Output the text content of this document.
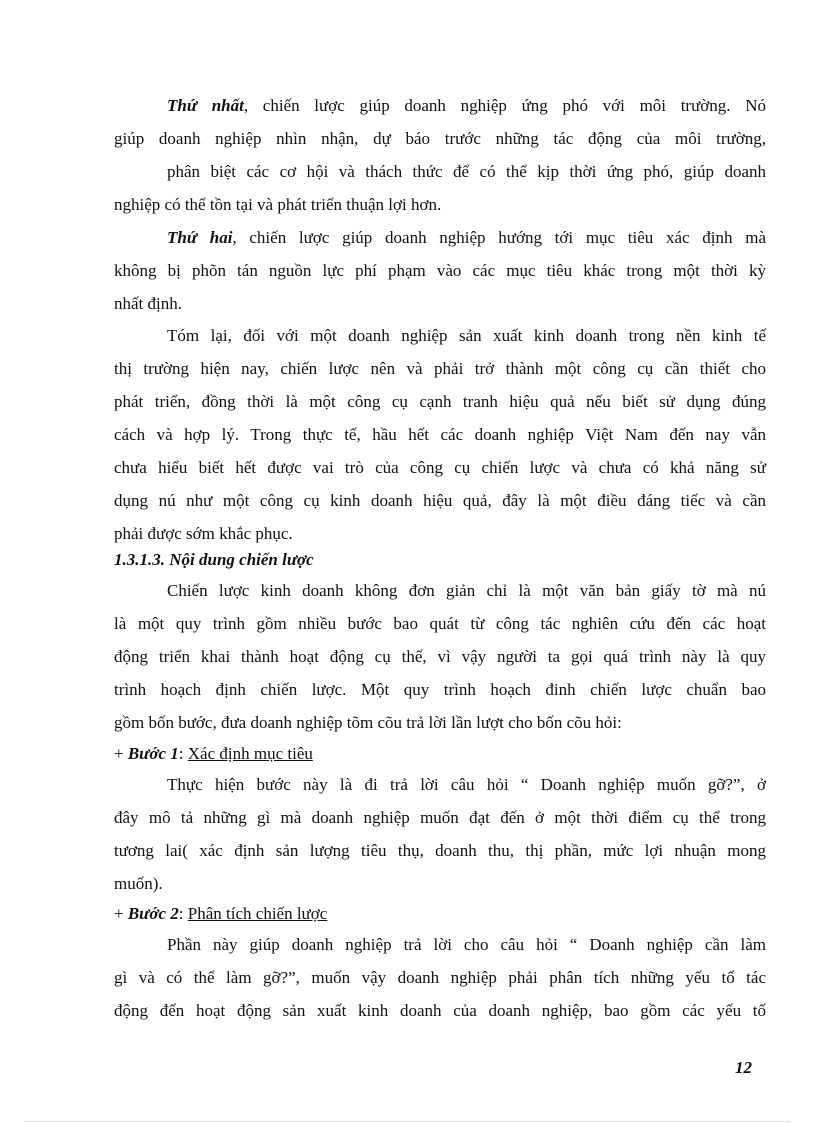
Thứ nhất, chiến lược giúp doanh nghiệp ứng phó với môi trường. Nó
giúp doanh nghiệp nhìn nhận, dự báo trước những tác động của môi trường,
phân biệt các cơ hội và thách thức để có thể kịp thời ứng phó, giúp doanh
nghiệp có thể tồn tại và phát triển thuận lợi hơn.
Thứ hai, chiến lược giúp doanh nghiệp hướng tới mục tiêu xác định mà
không bị phõn tán nguồn lực phí phạm vào các mục tiêu khác trong một thời kỳ
nhất định.
Tóm lại, đối với một doanh nghiệp sản xuất kinh doanh trong nền kinh tế
thị trường hiện nay, chiến lược nên và phải trở thành một công cụ cần thiết cho
phát triển, đồng thời là một công cụ cạnh tranh hiệu quả nếu biết sử dụng đúng
cách và hợp lý. Trong thực tế, hầu hết các doanh nghiệp Việt Nam đến nay vẫn
chưa hiểu biết hết được vai trò của công cụ chiến lược và chưa có khả năng sử
dụng nú như một công cụ kinh doanh hiệu quả, đây là một điều đáng tiếc và cần
phải được sớm khắc phục.
1.3.1.3. Nội dung chiến lược
Chiến lược kinh doanh không đơn giản chỉ là một văn bản giấy tờ mà nú
là một quy trình gồm nhiều bước bao quát từ công tác nghiên cứu đến các hoạt
động triển khai thành hoạt động cụ thể, vì vậy người ta gọi quá trình này là quy
trình hoạch định chiến lược. Một quy trình hoạch đinh chiến lược chuẩn bao
gồm bốn bước, đưa doanh nghiệp tõm cõu trả lời lần lượt cho bốn cõu hỏi:
+ Bước 1: Xác định mục tiêu
Thực hiện bước này là đi trả lời câu hỏi “ Doanh nghiệp muốn gỡ?”, ở
đây mô tả những gì mà doanh nghiệp muốn đạt đến ở một thời điểm cụ thể trong
tương lai( xác định sản lượng tiêu thụ, doanh thu, thị phần, mức lợi nhuận mong
muốn).
+ Bước 2: Phân tích chiến lược
Phần này giúp doanh nghiệp trả lời cho câu hỏi “ Doanh nghiệp cần làm
gì và có thể làm gỡ?”, muốn vậy doanh nghiệp phải phân tích những yếu tố tác
động đến hoạt động sản xuất kinh doanh của doanh nghiệp, bao gồm các yếu tố
12
